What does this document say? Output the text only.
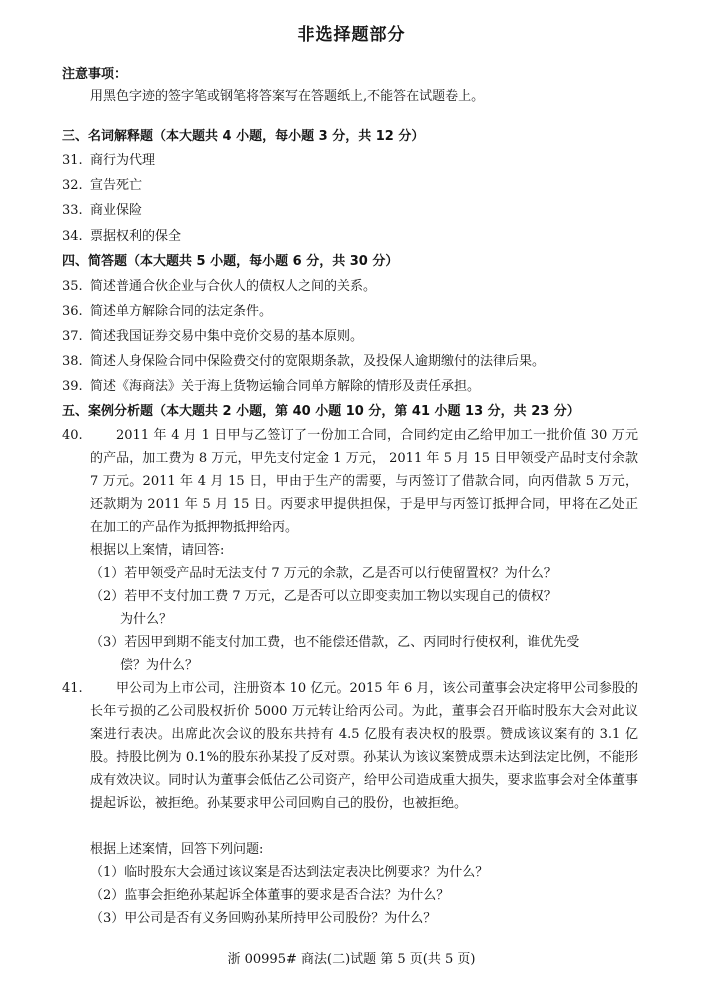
非选择题部分
注意事项：
用黑色字迹的签字笔或钢笔将答案写在答题纸上,不能答在试题卷上。
三、名词解释题（本大题共 4 小题，每小题 3 分，共 12 分）
31. 商行为代理
32. 宣告死亡
33. 商业保险
34. 票据权利的保全
四、简答题（本大题共 5 小题，每小题 6 分，共 30 分）
35. 简述普通合伙企业与合伙人的债权人之间的关系。
36. 简述单方解除合同的法定条件。
37. 简述我国证券交易中集中竞价交易的基本原则。
38. 简述人身保险合同中保险费交付的宽限期条款，及投保人逾期缴付的法律后果。
39. 简述《海商法》关于海上货物运输合同单方解除的情形及责任承担。
五、案例分析题（本大题共 2 小题，第 40 小题 10 分，第 41 小题 13 分，共 23 分）
40.	2011 年 4 月 1 日甲与乙签订了一份加工合同，合同约定由乙给甲加工一批价值 30 万元的产品，加工费为 8 万元，甲先支付定金 1 万元， 2011 年 5 月 15 日甲领受产品时支付余款 7 万元。2011 年 4 月 15 日，甲由于生产的需要，与丙签订了借款合同，向丙借款 5 万元，还款期为 2011 年 5 月 15 日。丙要求甲提供担保，于是甲与丙签订抵押合同，甲将在乙处正在加工的产品作为抵押物抵押给丙。
根据以上案情，请回答:
（1）若甲领受产品时无法支付 7 万元的余款，乙是否可以行使留置权？为什么？
（2）若甲不支付加工费 7 万元，乙是否可以立即变卖加工物以实现自己的债权？
为什么？
（3）若因甲到期不能支付加工费，也不能偿还借款，乙、丙同时行使权利，谁优先受
偿？为什么？
41.	甲公司为上市公司，注册资本 10 亿元。2015 年 6 月，该公司董事会决定将甲公司参股的长年亏损的乙公司股权折价 5000 万元转让给丙公司。为此，董事会召开临时股东大会对此议案进行表决。出席此次会议的股东共持有 4.5 亿股有表决权的股票。赞成该议案有的 3.1 亿股。持股比例为 0.1%的股东孙某投了反对票。孙某认为该议案赞成票未达到法定比例，不能形成有效决议。同时认为董事会低估乙公司资产，给甲公司造成重大损失，要求监事会对全体董事提起诉讼，被拒绝。孙某要求甲公司回购自己的股份，也被拒绝。
根据上述案情，回答下列问题:
（1）临时股东大会通过该议案是否达到法定表决比例要求？为什么？
（2）监事会拒绝孙某起诉全体董事的要求是否合法？为什么？
（3）甲公司是否有义务回购孙某所持甲公司股份？为什么？
浙 00995# 商法(二)试题 第 5 页(共 5 页)
